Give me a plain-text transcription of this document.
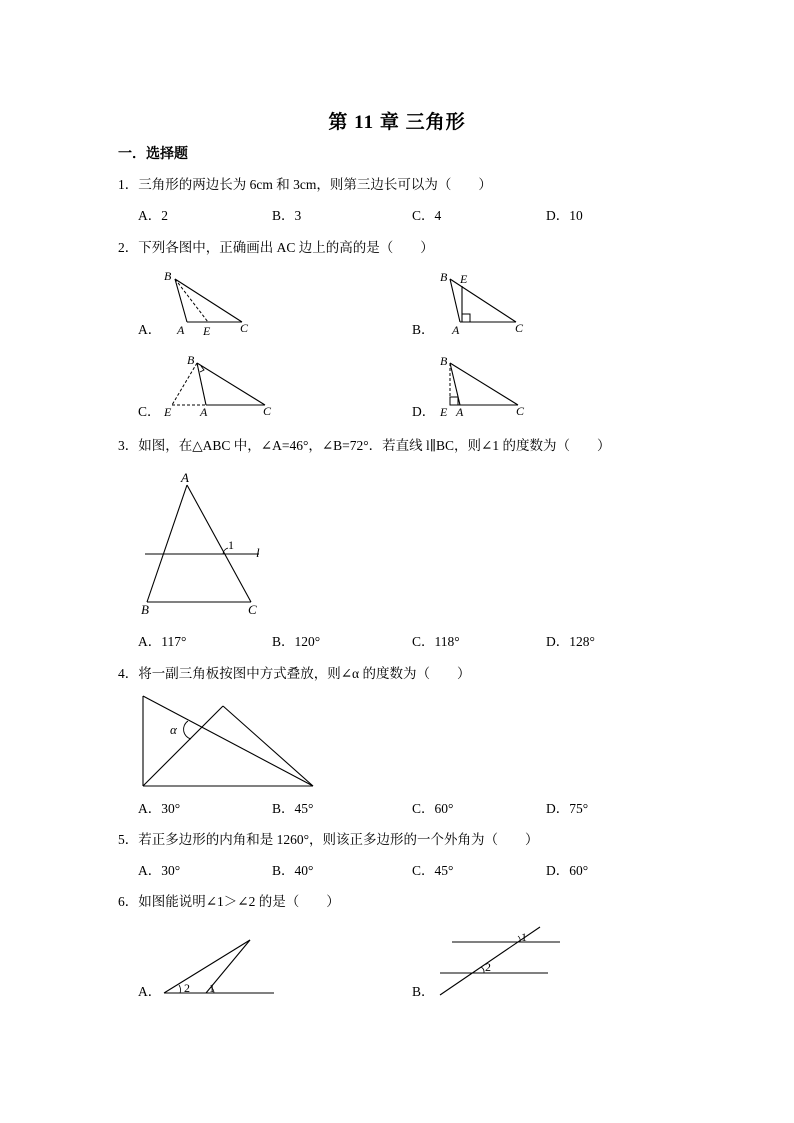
第 11 章 三角形
一．选择题
1．三角形的两边长为 6cm 和 3cm，则第三边长可以为（　　）
A．2	B．3	C．4	D．10
2．下列各图中，正确画出 AC 边上的高的是（　　）
A．
B
A E C	B．
B E
A	C
C．
B
E A	C	D．
B
E A	C
3．如图，在△ABC 中，∠A=46°，∠B=72°．若直线 l∥BC，则∠1 的度数为（　　）
A
1 l
B	C
A．117°	B．120°	C．118°	D．128°
4．将一副三角板按图中方式叠放，则∠α 的度数为（　　）
α
A．30°	B．45°	C．60°	D．75°
5．若正多边形的内角和是 1260°，则该正多边形的一个外角为（　　）
A．30°	B．40°	C．45°	D．60°
6．如图能说明∠1＞∠2 的是（　　）
A． 2 1	B．
1
2
